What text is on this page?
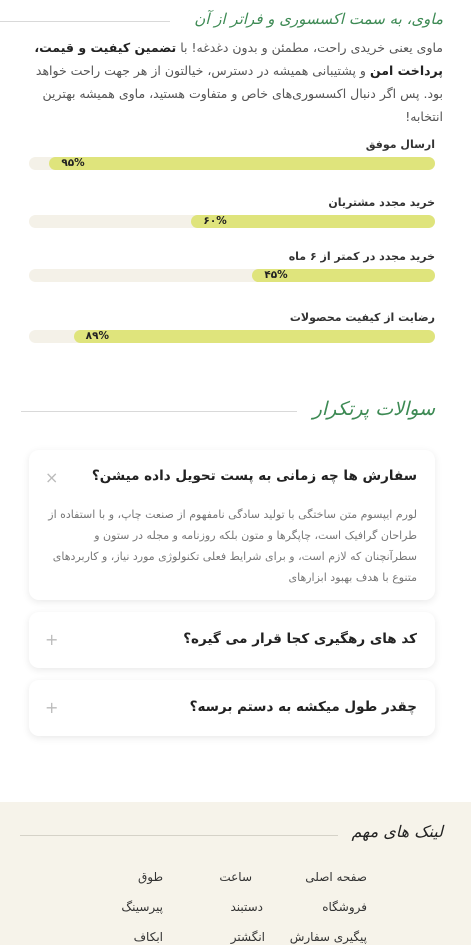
ماوی، به سمت اکسسوری و فراتر از آن

ماوی یعنی خریدی راحت، مطمئن و بدون دغدغه! با تضمین کیفیت و قیمت، پرداخت امن و پشتیبانی همیشه در دسترس، خیالتون از هر جهت راحت خواهد بود. پس اگر دنبال اکسسوری‌های خاص و متفاوت هستید، ماوی همیشه بهترین انتخابه!

ارسال موفق
۹۵%
خرید مجدد مشتریان
۶۰%
خرید مجدد در کمتر از ۶ ماه
۴۵%
رضایت از کیفیت محصولات
۸۹%
سوالات پرتکرار
سفارش ها چه زمانی به پست تحویل داده میشن؟
×
لورم ایپسوم متن ساختگی با تولید سادگی نامفهوم از صنعت چاپ، و با استفاده از طراحان گرافیک است، چاپگرها و متون بلکه روزنامه و مجله در ستون و سطرآنچنان که لازم است، و برای شرایط فعلی تکنولوژی مورد نیاز، و کاربردهای متنوع با هدف بهبود ابزارهای
کد های رهگیری کجا قرار می گیره؟
+
چقدر طول میکشه به دستم برسه؟
+
لینک های مهم
صفحه اصلی
ساعت
طوق
فروشگاه
دستبند
پیرسینگ
پیگیری سفارش
انگشتر
ابکاف
